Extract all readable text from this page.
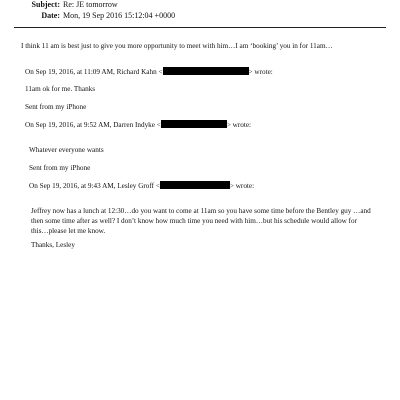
Subject: Re: JE tomorrow
Date: Mon, 19 Sep 2016 15:12:04 +0000
I think 11 am is best just to give you more opportunity to meet with him…I am ‘booking’ you in for 11am…
On Sep 19, 2016, at 11:09 AM, Richard Kahn <	> wrote:
11am ok for me. Thanks
Sent from my iPhone
On Sep 19, 2016, at 9:52 AM, Darren Indyke <	> wrote:
Whatever everyone wants
Sent from my iPhone
On Sep 19, 2016, at 9:43 AM, Lesley Groff <	> wrote:
Jeffrey now has a lunch at 12:30…do you want to come at 11am so you have some time before the Bentley guy …and then some time after as well? I don’t know how much time you need with him…but his schedule would allow for this…please let me know.
Thanks, Lesley
